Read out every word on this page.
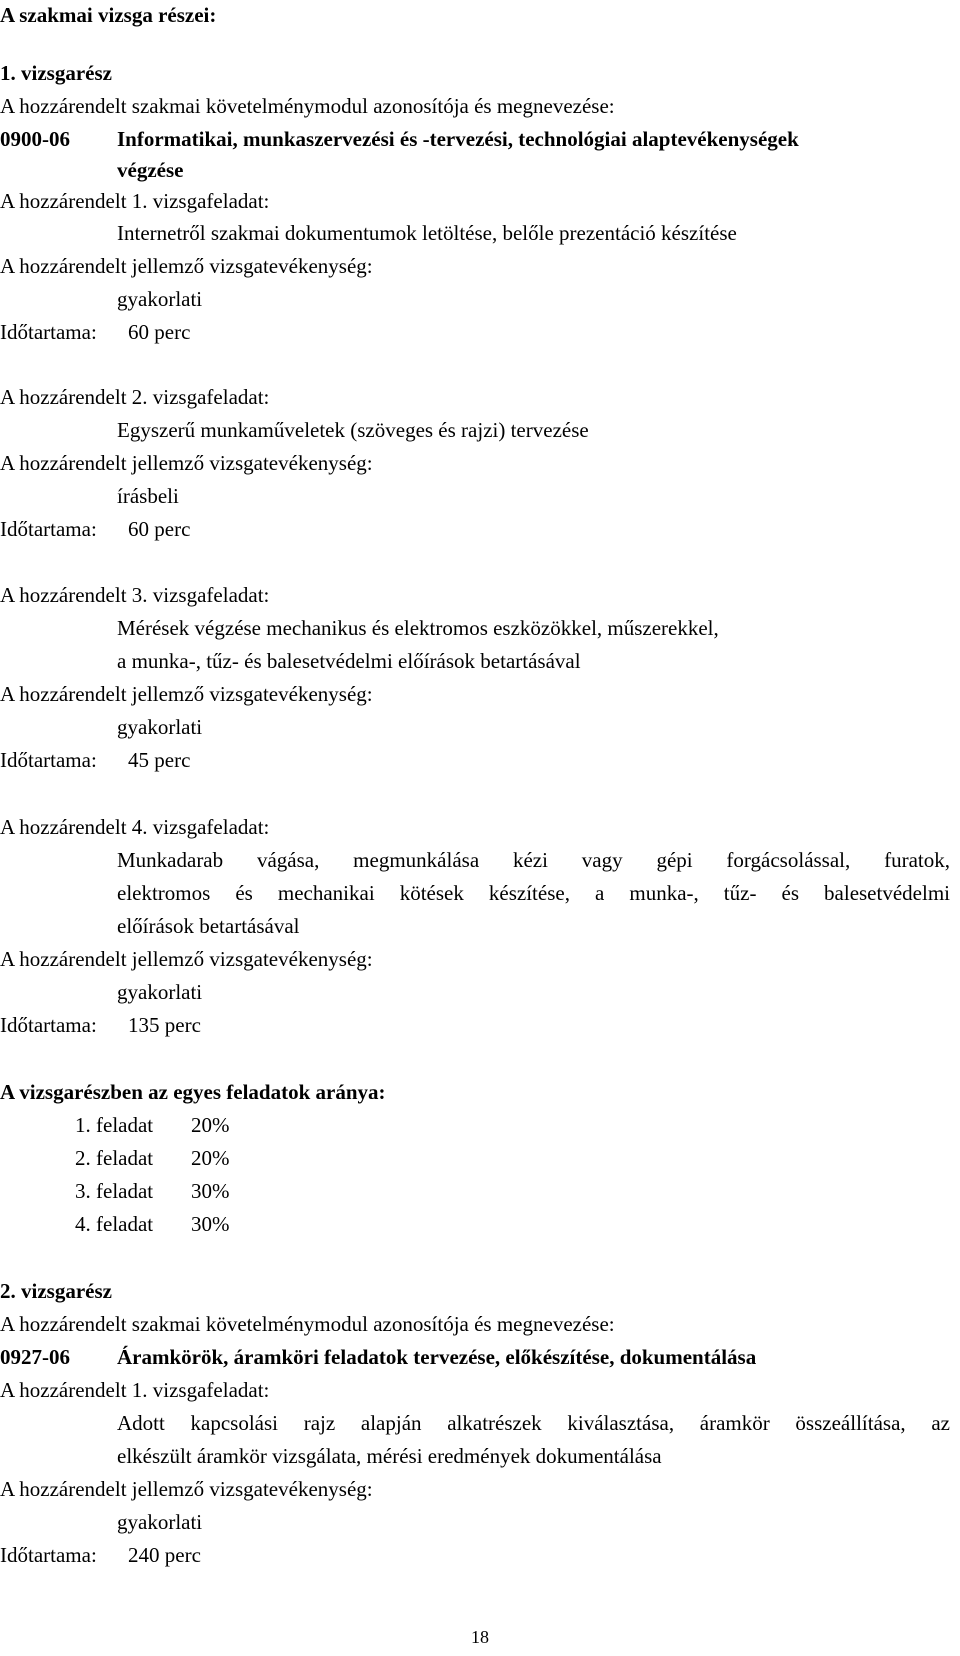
A szakmai vizsga részei:
1. vizsgarész
A hozzárendelt szakmai követelménymodul azonosítója és megnevezése:
0900-06 Informatikai, munkaszervezési és -tervezési, technológiai alaptevékenységek
végzése
A hozzárendelt 1. vizsgafeladat:
Internetről szakmai dokumentumok letöltése, belőle prezentáció készítése
A hozzárendelt jellemző vizsgatevékenység:
gyakorlati
Időtartama: 60 perc
A hozzárendelt 2. vizsgafeladat:
Egyszerű munkaműveletek (szöveges és rajzi) tervezése
A hozzárendelt jellemző vizsgatevékenység:
írásbeli
Időtartama: 60 perc
A hozzárendelt 3. vizsgafeladat:
Mérések végzése mechanikus és elektromos eszközökkel, műszerekkel,
a munka-, tűz- és balesetvédelmi előírások betartásával
A hozzárendelt jellemző vizsgatevékenység:
gyakorlati
Időtartama: 45 perc
A hozzárendelt 4. vizsgafeladat:
Munkadarab vágása, megmunkálása kézi vagy gépi forgácsolással, furatok,
elektromos és mechanikai kötések készítése, a munka-, tűz- és balesetvédelmi
előírások betartásával
A hozzárendelt jellemző vizsgatevékenység:
gyakorlati
Időtartama: 135 perc
A vizsgarészben az egyes feladatok aránya:
1. feladat 20%
2. feladat 20%
3. feladat 30%
4. feladat 30%
2. vizsgarész
A hozzárendelt szakmai követelménymodul azonosítója és megnevezése:
0927-06 Áramkörök, áramköri feladatok tervezése, előkészítése, dokumentálása
A hozzárendelt 1. vizsgafeladat:
Adott kapcsolási rajz alapján alkatrészek kiválasztása, áramkör összeállítása, az
elkészült áramkör vizsgálata, mérési eredmények dokumentálása
A hozzárendelt jellemző vizsgatevékenység:
gyakorlati
Időtartama: 240 perc
18
